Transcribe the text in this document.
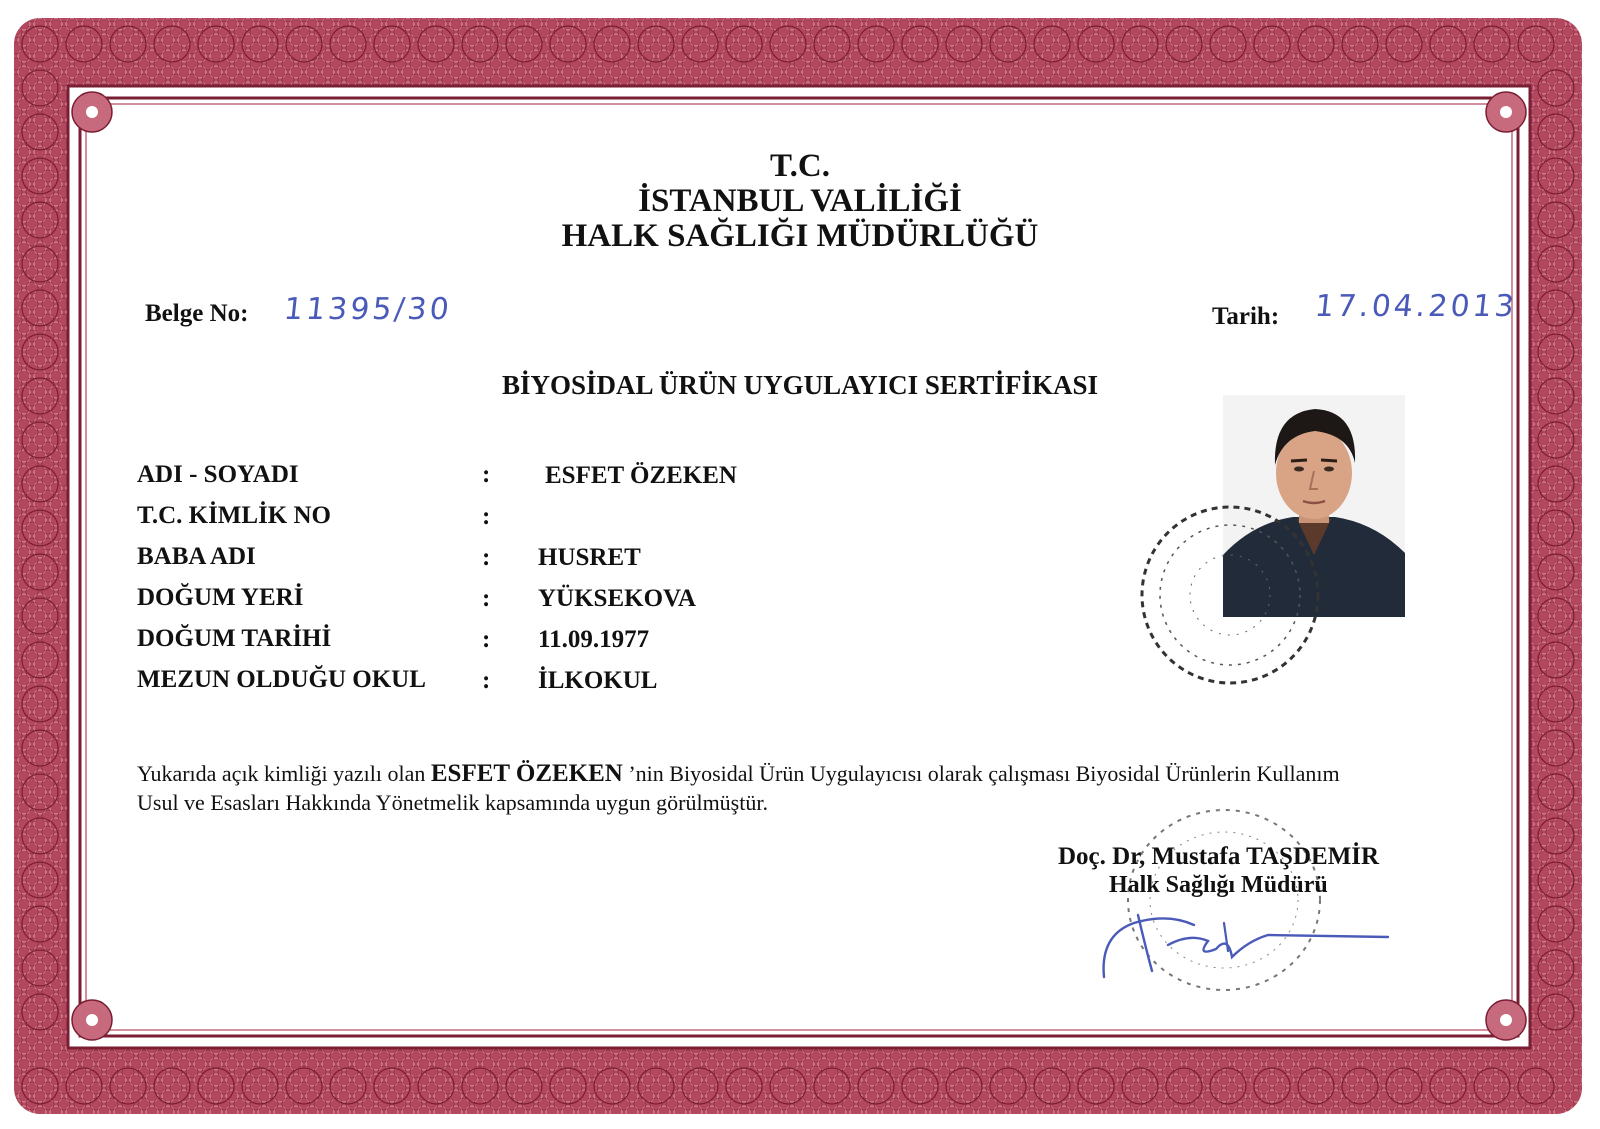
T.C.
İSTANBUL VALİLİĞİ
HALK SAĞLIĞI MÜDÜRLÜĞÜ
Belge No: 11395/30	Tarih: 17.04.2013
BİYOSİDAL ÜRÜN UYGULAYICI SERTİFİKASI
ADI - SOYADI	: ESFET ÖZEKEN
T.C. KİMLİK NO	:
BABA ADI	: HUSRET
DOĞUM YERİ	: YÜKSEKOVA
DOĞUM TARİHİ	: 11.09.1977
MEZUN OLDUĞU OKUL : İLKOKUL
Yukarıda açık kimliği yazılı olan ESFET ÖZEKEN ’nin Biyosidal Ürün Uygulayıcısı olarak çalışması Biyosidal Ürünlerin Kullanım
Usul ve Esasları Hakkında Yönetmelik kapsamında uygun görülmüştür.
Doç. Dr, Mustafa TAŞDEMİR
Halk Sağlığı Müdürü
